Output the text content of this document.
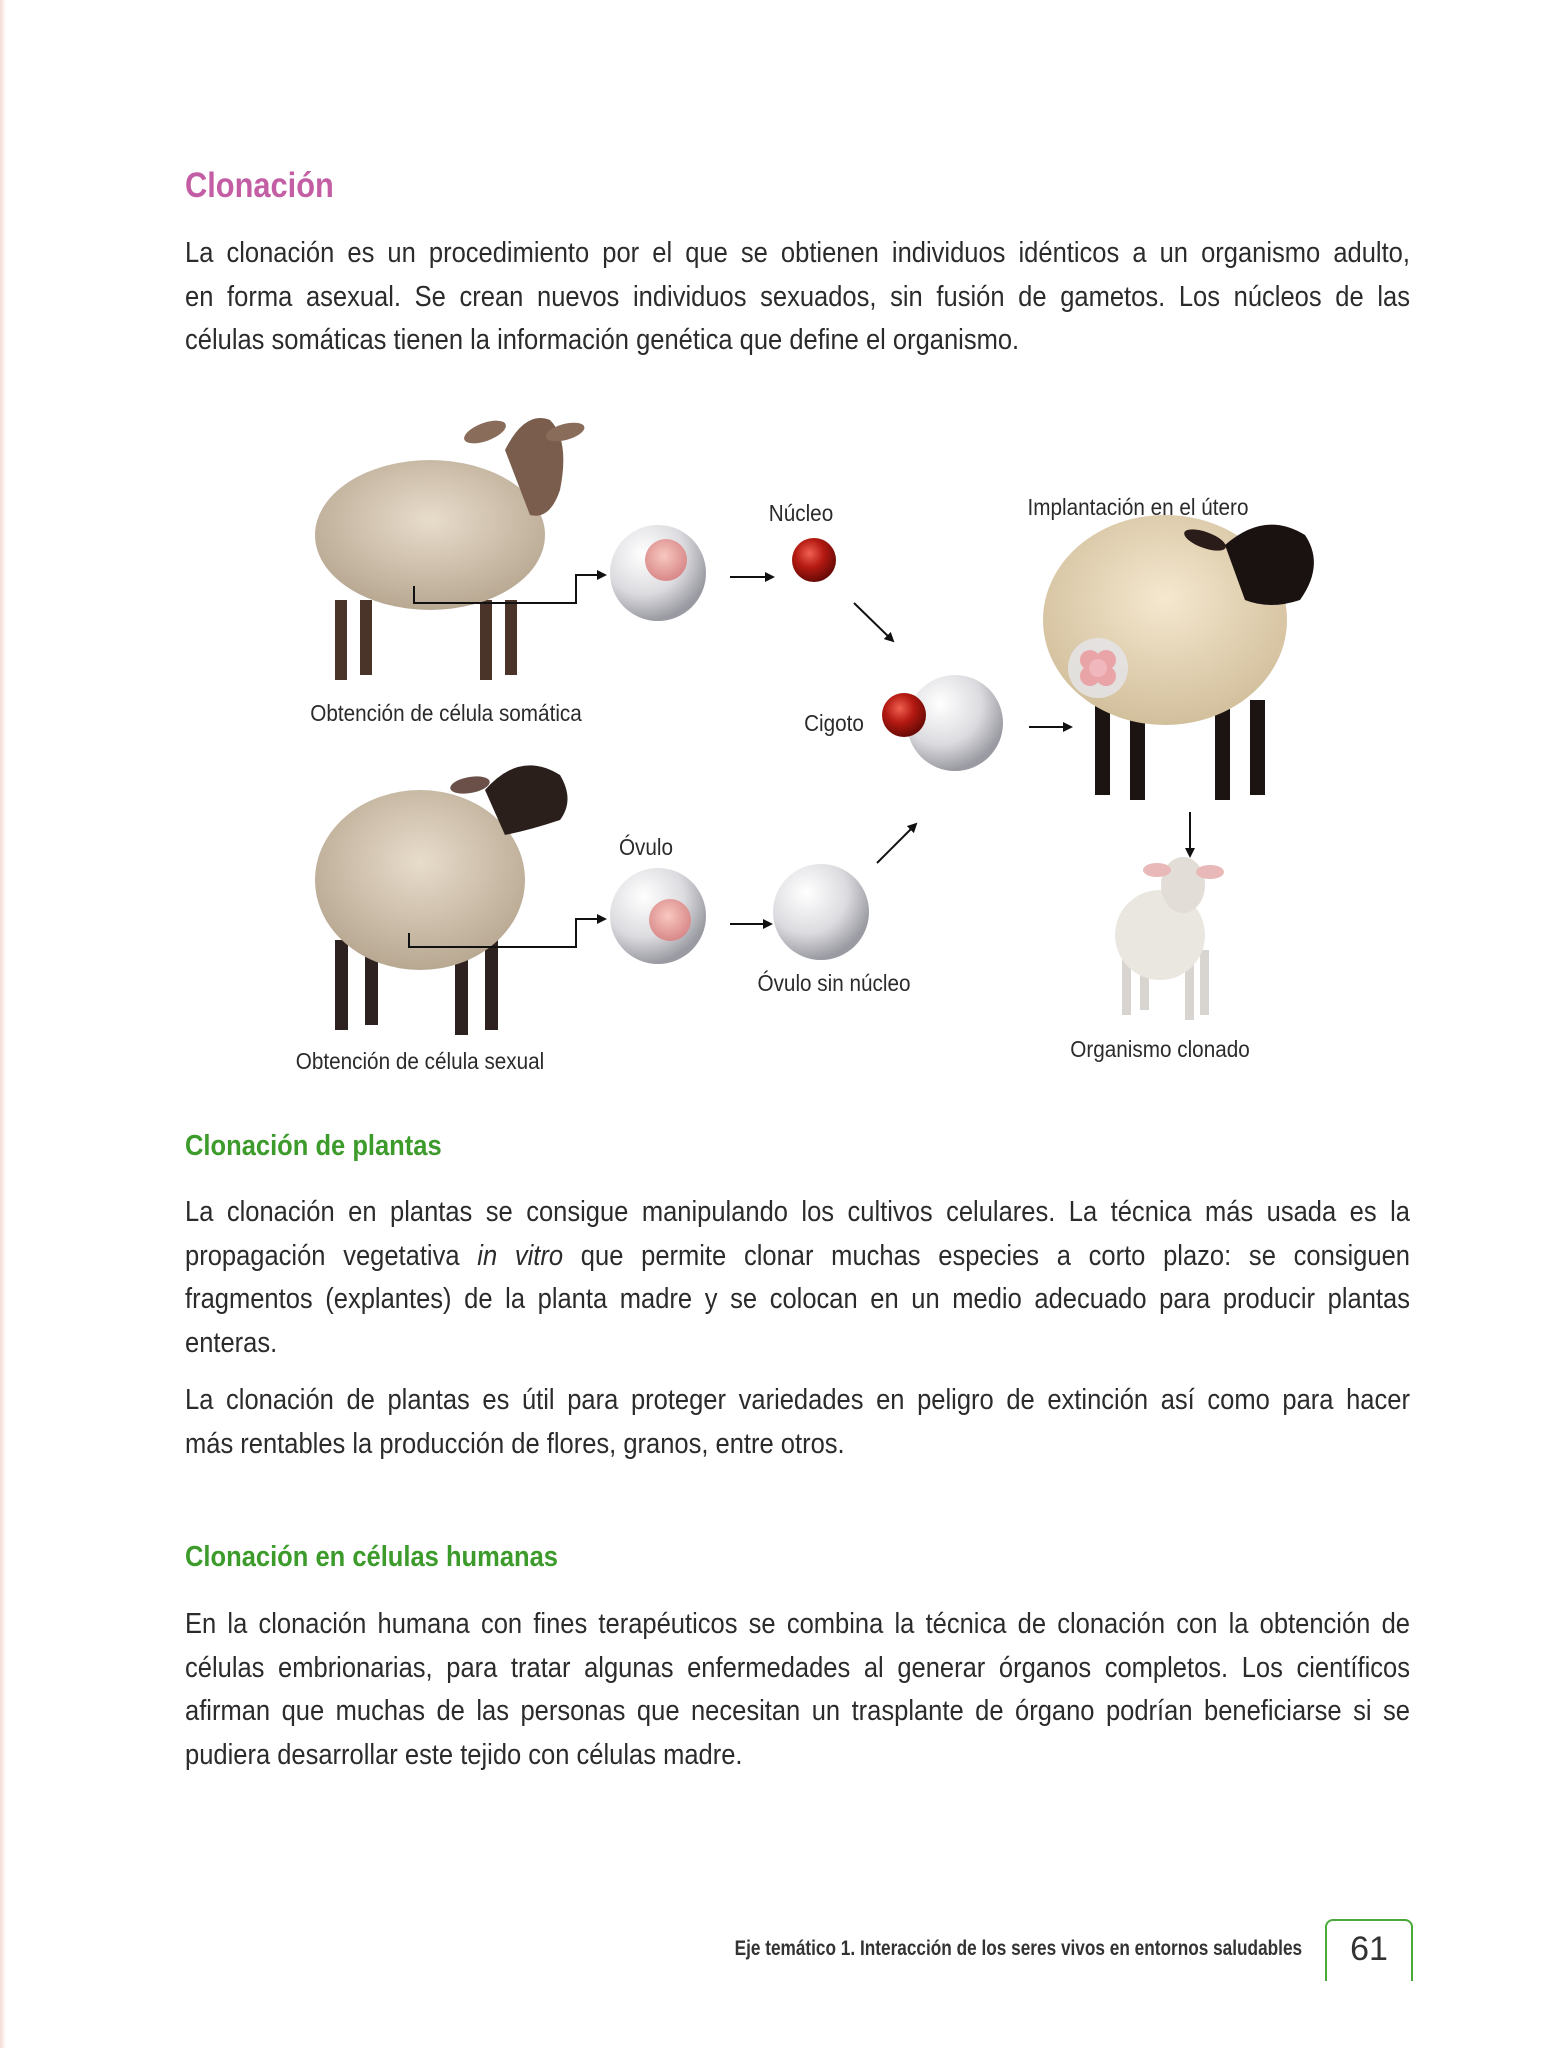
Clonación
La clonación es un procedimiento por el que se obtienen individuos idénticos a un organismo adulto,
en forma asexual. Se crean nuevos individuos sexuados, sin fusión de gametos. Los núcleos de las
células somáticas tienen la información genética que define el organismo.
Núcleo	Implantación en el útero
Obtención de célula somática	Cigoto
Óvulo
Óvulo sin núcleo
Obtención de célula sexual	Organismo clonado
Clonación de plantas
La clonación en plantas se consigue manipulando los cultivos celulares. La técnica más usada es la
propagación vegetativa in vitro que permite clonar muchas especies a corto plazo: se consiguen
fragmentos (explantes) de la planta madre y se colocan en un medio adecuado para producir plantas
enteras.
La clonación de plantas es útil para proteger variedades en peligro de extinción así como para hacer
más rentables la producción de flores, granos, entre otros.
Clonación en células humanas
En la clonación humana con fines terapéuticos se combina la técnica de clonación con la obtención de
células embrionarias, para tratar algunas enfermedades al generar órganos completos. Los científicos
afirman que muchas de las personas que necesitan un trasplante de órgano podrían beneficiarse si se
pudiera desarrollar este tejido con células madre.
Eje temático 1. Interacción de los seres vivos en entornos saludables	61
